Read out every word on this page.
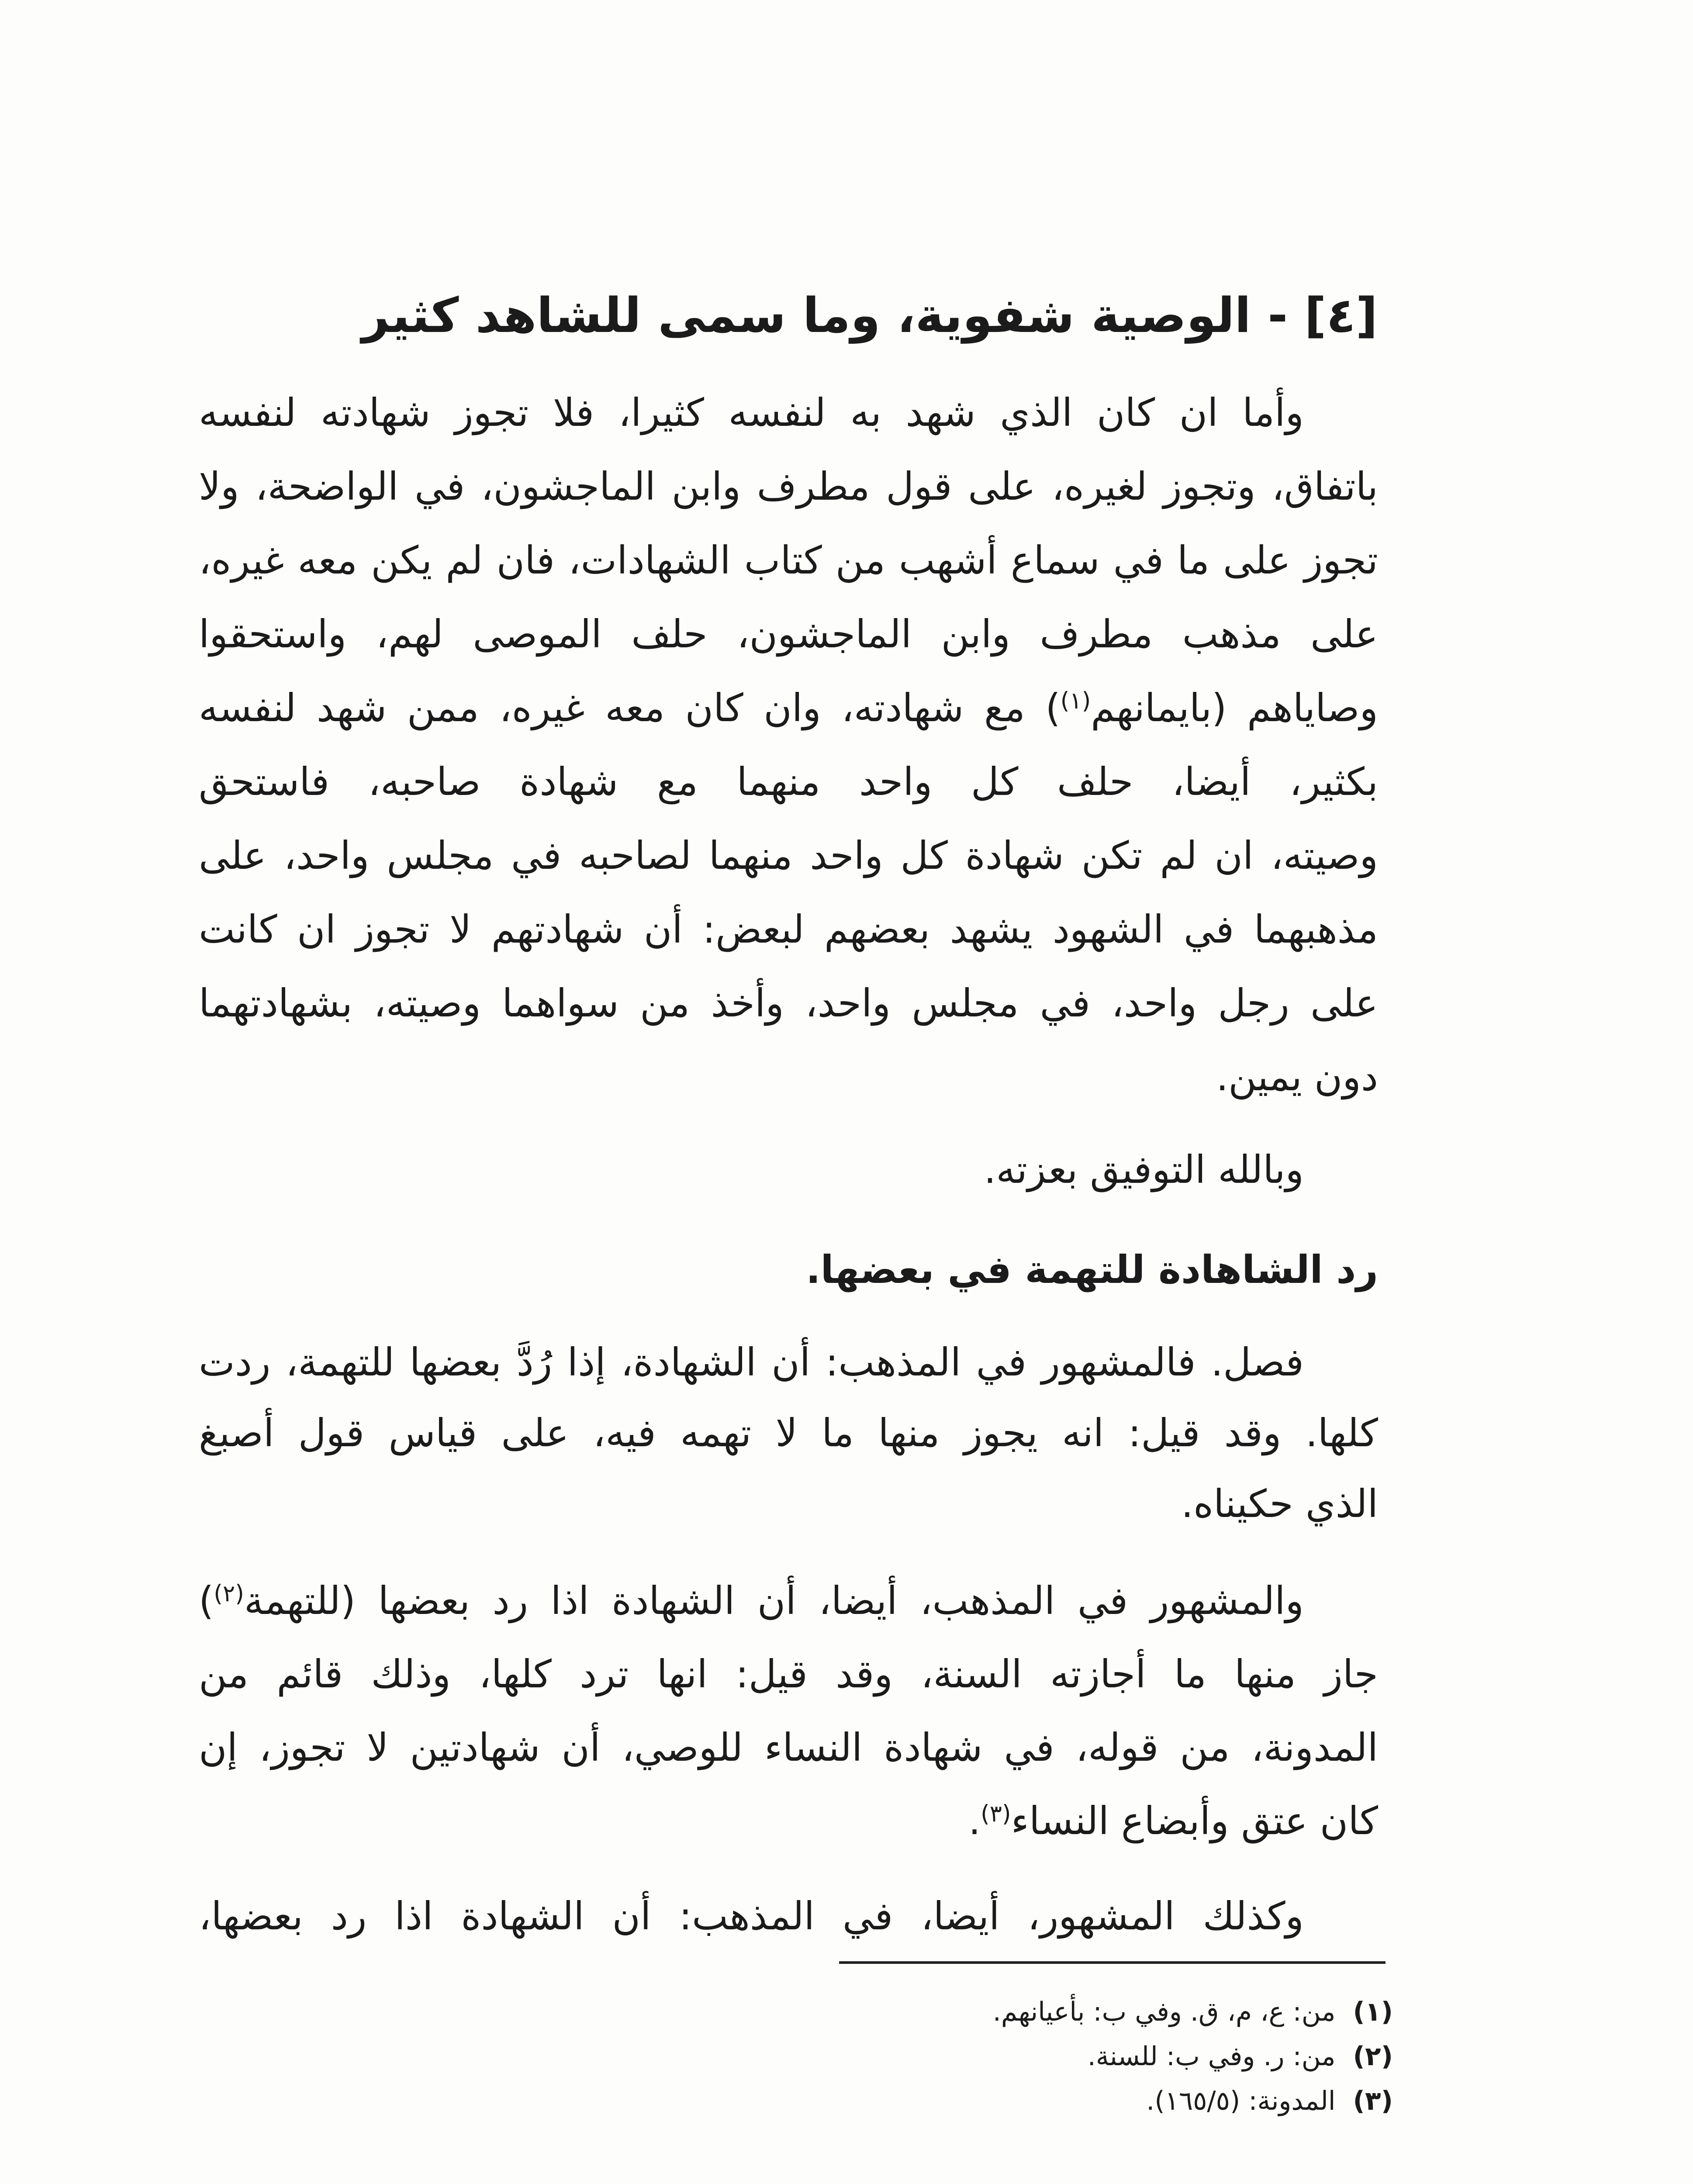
[٤] - الوصية شفوية، وما سمى للشاهد كثير
وأما ان كان الذي شهد به لنفسه كثيرا، فلا تجوز شهادته لنفسه
باتفاق، وتجوز لغيره، على قول مطرف وابن الماجشون، في الواضحة، ولا
تجوز على ما في سماع أشهب من كتاب الشهادات، فان لم يكن معه غيره،
على مذهب مطرف وابن الماجشون، حلف الموصى لهم، واستحقوا
وصاياهم (بايمانهم$^{(١)}$) مع شهادته، وان كان معه غيره، ممن شهد لنفسه
بكثير، أيضا، حلف كل واحد منهما مع شهادة صاحبه، فاستحق
وصيته، ان لم تكن شهادة كل واحد منهما لصاحبه في مجلس واحد، على
مذهبهما في الشهود يشهد بعضهم لبعض: أن شهادتهم لا تجوز ان كانت
على رجل واحد، في مجلس واحد، وأخذ من سواهما وصيته، بشهادتهما
دون يمين.
وبالله التوفيق بعزته.
رد الشاهادة للتهمة في بعضها.
فصل. فالمشهور في المذهب: أن الشهادة، إذا رُدَّ بعضها للتهمة، ردت
كلها. وقد قيل: انه يجوز منها ما لا تهمه فيه، على قياس قول أصبغ
الذي حكيناه.
والمشهور في المذهب، أيضا، أن الشهادة اذا رد بعضها (للتهمة$^{(٢)}$)
جاز منها ما أجازته السنة، وقد قيل: انها ترد كلها، وذلك قائم من
المدونة، من قوله، في شهادة النساء للوصي، أن شهادتين لا تجوز، إن
كان عتق وأبضاع النساء$^{(٣)}$.
وكذلك المشهور، أيضا، في المذهب: أن الشهادة اذا رد بعضها،
(١)من: ع، م، ق. وفي ب: بأعيانهم.
(٢)من: ر. وفي ب: للسنة.
(٣)المدونة: (١٦٥/٥).
